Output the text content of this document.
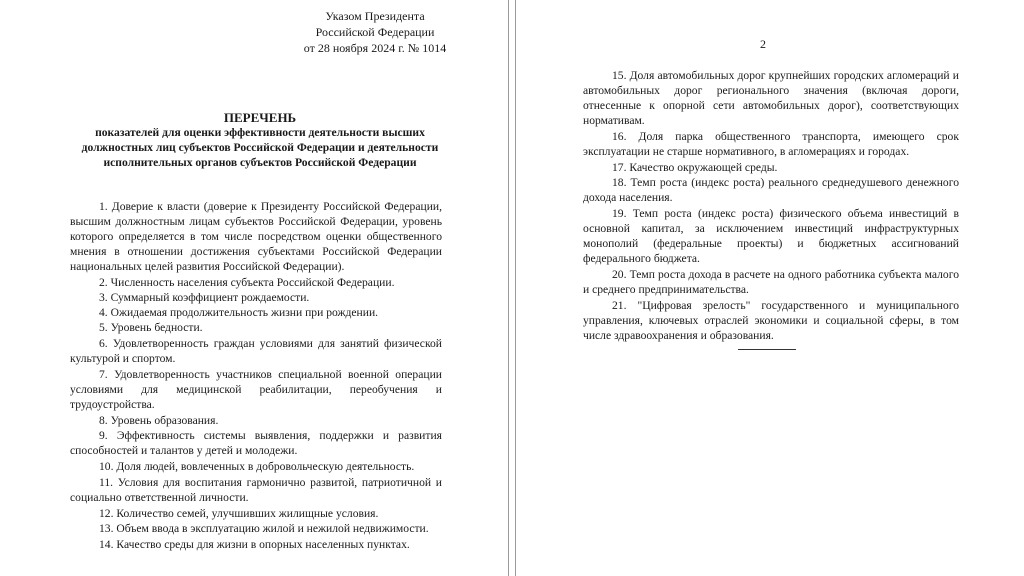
Указом Президента
Российской Федерации
от 28 ноября 2024 г. № 1014
ПЕРЕЧЕНЬ
показателей для оценки эффективности деятельности высших должностных лиц субъектов Российской Федерации и деятельности исполнительных органов субъектов Российской Федерации

1. Доверие к власти (доверие к Президенту Российской Федерации, высшим должностным лицам субъектов Российской Федерации, уровень которого определяется в том числе посредством оценки общественного мнения в отношении достижения субъектами Российской Федерации национальных целей развития Российской Федерации).

2. Численность населения субъекта Российской Федерации.

3. Суммарный коэффициент рождаемости.

4. Ожидаемая продолжительность жизни при рождении.

5. Уровень бедности.

6. Удовлетворенность граждан условиями для занятий физической культурой и спортом.

7. Удовлетворенность участников специальной военной операции условиями для медицинской реабилитации, переобучения и трудоустройства.

8. Уровень образования.

9. Эффективность системы выявления, поддержки и развития способностей и талантов у детей и молодежи.

10. Доля людей, вовлеченных в добровольческую деятельность.

11. Условия для воспитания гармонично развитой, патриотичной и социально ответственной личности.

12. Количество семей, улучшивших жилищные условия.

13. Объем ввода в эксплуатацию жилой и нежилой недвижимости.

14. Качество среды для жизни в опорных населенных пунктах.

2

15. Доля автомобильных дорог крупнейших городских агломераций и автомобильных дорог регионального значения (включая дороги, отнесенные к опорной сети автомобильных дорог), соответствующих нормативам.

16. Доля парка общественного транспорта, имеющего срок эксплуатации не старше нормативного, в агломерациях и городах.

17. Качество окружающей среды.

18. Темп роста (индекс роста) реального среднедушевого денежного дохода населения.

19. Темп роста (индекс роста) физического объема инвестиций в основной капитал, за исключением инвестиций инфраструктурных монополий (федеральные проекты) и бюджетных ассигнований федерального бюджета.

20. Темп роста дохода в расчете на одного работника субъекта малого и среднего предпринимательства.

21. "Цифровая зрелость" государственного и муниципального управления, ключевых отраслей экономики и социальной сферы, в том числе здравоохранения и образования.
